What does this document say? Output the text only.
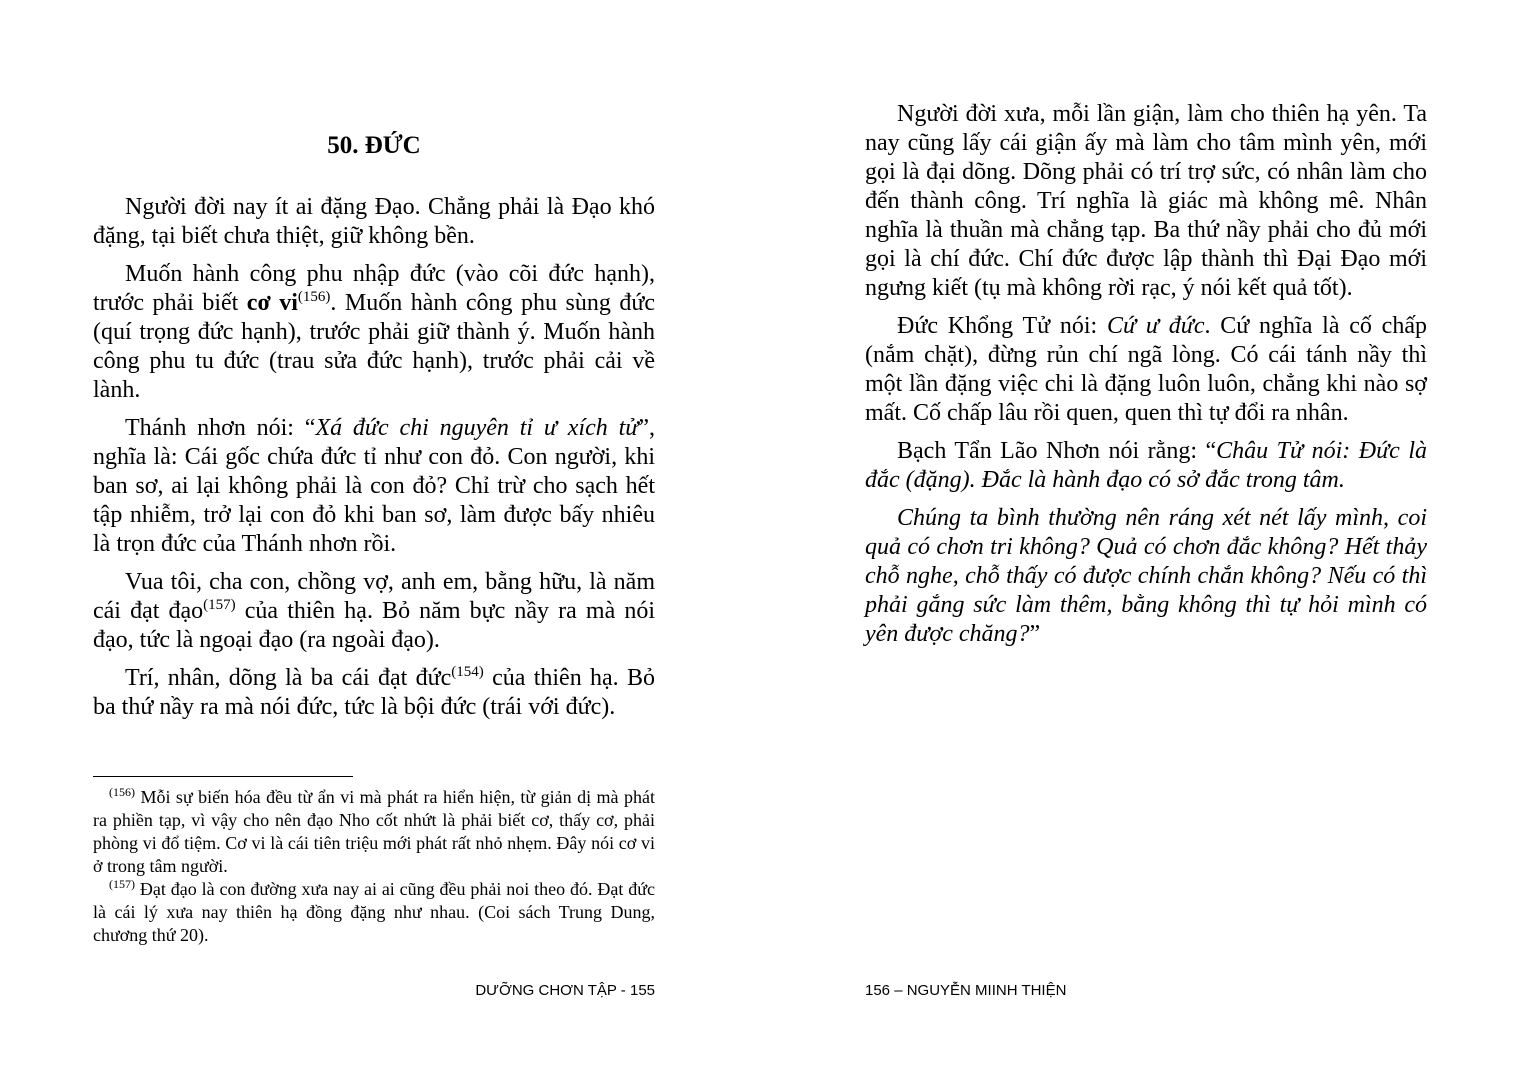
50. ĐỨC

Người đời nay ít ai đặng Đạo. Chẳng phải là Đạo khó đặng, tại biết chưa thiệt, giữ không bền.

Muốn hành công phu nhập đức (vào cõi đức hạnh), trước phải biết cơ $vi^{(156)}$. Muốn hành công phu sùng đức (quí trọng đức hạnh), trước phải giữ thành ý. Muốn hành công phu tu đức (trau sửa đức hạnh), trước phải cải về lành.

Thánh nhơn nói: “Xá đức chi nguyên tỉ ư xích tử”, nghĩa là: Cái gốc chứa đức tỉ như con đỏ. Con người, khi ban sơ, ai lại không phải là con đỏ? Chỉ trừ cho sạch hết tập nhiễm, trở lại con đỏ khi ban sơ, làm được bấy nhiêu là trọn đức của Thánh nhơn rồi.

Vua tôi, cha con, chồng vợ, anh em, bằng hữu, là năm cái đạt đạo$^{(157)}$ của thiên hạ. Bỏ năm bực nầy ra mà nói đạo, tức là ngoại đạo (ra ngoài đạo).

Trí, nhân, dõng là ba cái đạt đức$^{(154)}$ của thiên hạ. Bỏ ba thứ nầy ra mà nói đức, tức là bội đức (trái với đức).

$^{(156)}$ Mỗi sự biến hóa đều từ ẩn vi mà phát ra hiển hiện, từ giản dị mà phát ra phiền tạp, vì vậy cho nên đạo Nho cốt nhứt là phải biết cơ, thấy cơ, phải phòng vi đổ tiệm. Cơ vi là cái tiên triệu mới phát rất nhỏ nhẹm. Đây nói cơ vi ở trong tâm người.

$^{(157)}$ Đạt đạo là con đường xưa nay ai ai cũng đều phải noi theo đó. Đạt đức là cái lý xưa nay thiên hạ đồng đặng như nhau. (Coi sách Trung Dung, chương thứ 20).

DƯỠNG CHƠN TẬP - 155

Người đời xưa, mỗi lần giận, làm cho thiên hạ yên. Ta nay cũng lấy cái giận ấy mà làm cho tâm mình yên, mới gọi là đại dõng. Dõng phải có trí trợ sức, có nhân làm cho đến thành công. Trí nghĩa là giác mà không mê. Nhân nghĩa là thuần mà chẳng tạp. Ba thứ nầy phải cho đủ mới gọi là chí đức. Chí đức được lập thành thì Đại Đạo mới ngưng kiết (tụ mà không rời rạc, ý nói kết quả tốt).

Đức Khổng Tử nói: Cứ ư đức. Cứ nghĩa là cố chấp (nắm chặt), đừng rủn chí ngã lòng. Có cái tánh nầy thì một lần đặng việc chi là đặng luôn luôn, chẳng khi nào sợ mất. Cố chấp lâu rồi quen, quen thì tự đổi ra nhân.

Bạch Tẩn Lão Nhơn nói rằng: “Châu Tử nói: Đức là đắc (đặng). Đắc là hành đạo có sở đắc trong tâm.

Chúng ta bình thường nên ráng xét nét lấy mình, coi quả có chơn tri không? Quả có chơn đắc không? Hết thảy chỗ nghe, chỗ thấy có được chính chắn không? Nếu có thì phải gắng sức làm thêm, bằng không thì tự hỏi mình có yên được chăng?”

156 – NGUYỄN MIINH THIỆN
